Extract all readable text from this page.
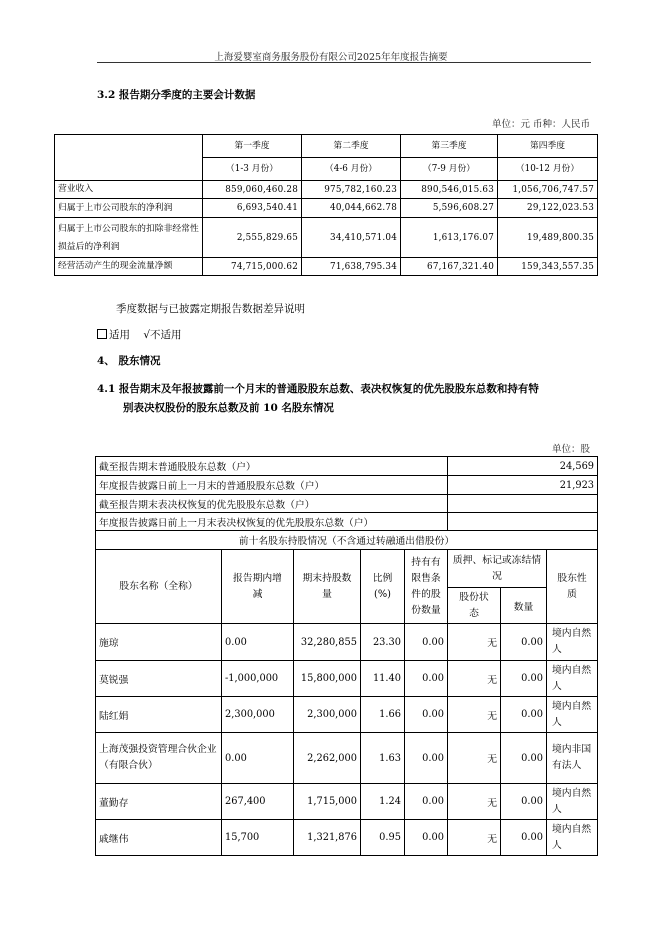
上海爱婴室商务服务股份有限公司2025年年度报告摘要
3.2 报告期分季度的主要会计数据
单位：元 币种：人民币
	第一季度	第二季度	第三季度	第四季度
	（1-3 月份）	（4-6 月份）	（7-9 月份）	（10-12 月份）
营业收入	859,060,460.28	975,782,160.23	890,546,015.63	1,056,706,747.57
归属于上市公司股东的净利润	6,693,540.41	40,044,662.78	5,596,608.27	29,122,023.53
归属于上市公司股东的扣除非经常性损益后的净利润	2,555,829.65	34,410,571.04	1,613,176.07	19,489,800.35
经营活动产生的现金流量净额	74,715,000.62	71,638,795.34	67,167,321.40	159,343,557.35
季度数据与已披露定期报告数据差异说明
适用 √不适用
4、 股东情况
4.1 报告期末及年报披露前一个月末的普通股股东总数、表决权恢复的优先股股东总数和持有特
别表决权股份的股东总数及前 10 名股东情况
单位：股
截至报告期末普通股股东总数（户）					24,569		
年度报告披露日前上一月末的普通股股东总数（户）					21,923		
截至报告期末表决权恢复的优先股股东总数（户）							
年度报告披露日前上一月末表决权恢复的优先股股东总数（户）							
前十名股东持股情况（不含通过转融通出借股份）							
股东名称（全称）	报告期内增减	期末持股数量	比例(%)	持有有限售条件的股份数量	质押、标记或冻结情况		股东性质
					股份状态	数量	
施琼	0.00	32,280,855	23.30	0.00	无	0.00	境内自然人
莫锐强	-1,000,000	15,800,000	11.40	0.00	无	0.00	境内自然人
陆红娟	2,300,000	2,300,000	1.66	0.00	无	0.00	境内自然人
上海茂强投资管理合伙企业（有限合伙）	0.00	2,262,000	1.63	0.00	无	0.00	境内非国有法人
董勤存	267,400	1,715,000	1.24	0.00	无	0.00	境内自然人
戚继伟	15,700	1,321,876	0.95	0.00	无	0.00	境内自然人
